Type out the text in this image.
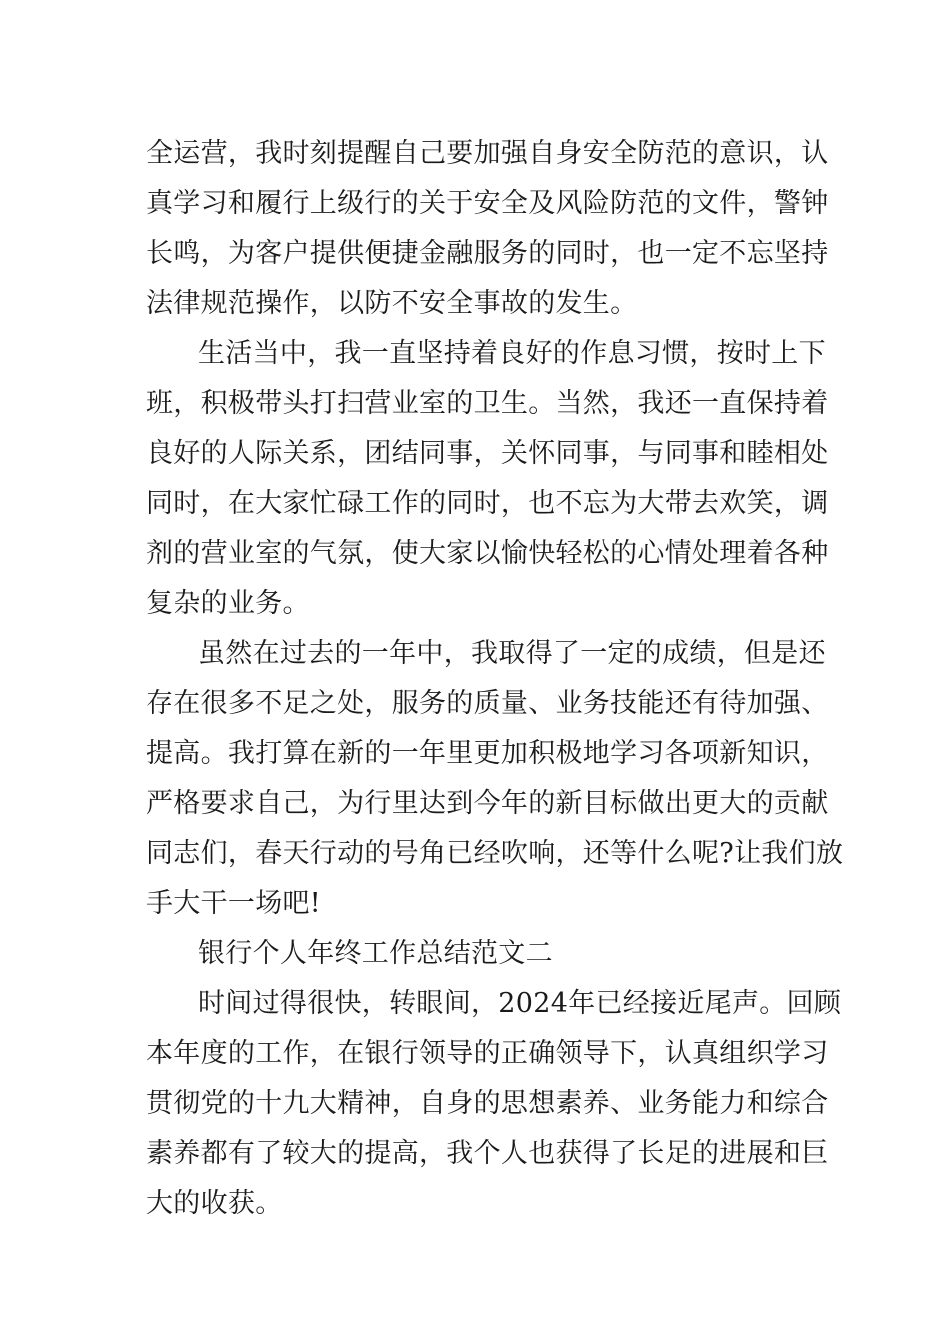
全运营，我时刻提醒自己要加强自身安全防范的意识，认
真学习和履行上级行的关于安全及风险防范的文件，警钟
长鸣，为客户提供便捷金融服务的同时，也一定不忘坚持
法律规范操作，以防不安全事故的发生。
生活当中，我一直坚持着良好的作息习惯，按时上下
班，积极带头打扫营业室的卫生。当然，我还一直保持着
良好的人际关系，团结同事，关怀同事，与同事和睦相处
同时，在大家忙碌工作的同时，也不忘为大带去欢笑，调
剂的营业室的气氛，使大家以愉快轻松的心情处理着各种
复杂的业务。
虽然在过去的一年中，我取得了一定的成绩，但是还
存在很多不足之处，服务的质量、业务技能还有待加强、
提高。我打算在新的一年里更加积极地学习各项新知识，
严格要求自己，为行里达到今年的新目标做出更大的贡献
同志们，春天行动的号角已经吹响，还等什么呢?让我们放
手大干一场吧!
银行个人年终工作总结范文二
时间过得很快，转眼间，2024年已经接近尾声。回顾
本年度的工作，在银行领导的正确领导下，认真组织学习
贯彻党的十九大精神，自身的思想素养、业务能力和综合
素养都有了较大的提高，我个人也获得了长足的进展和巨
大的收获。
